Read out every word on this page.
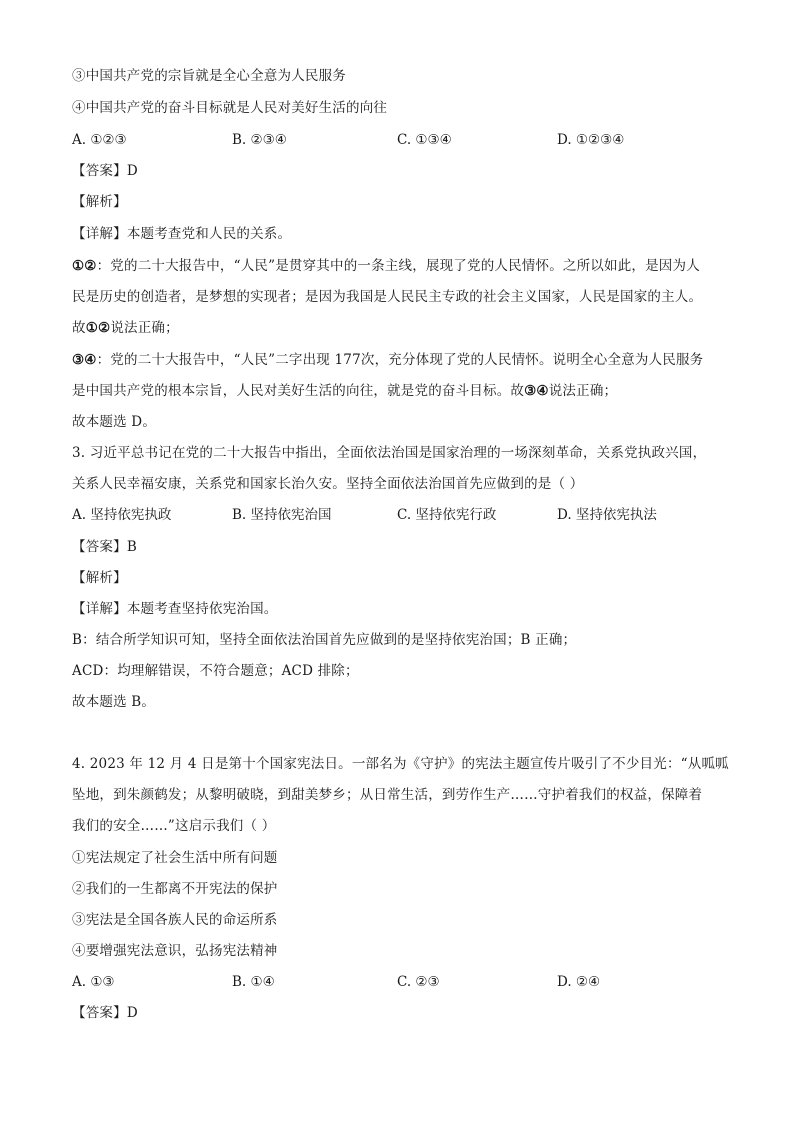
③中国共产党的宗旨就是全心全意为人民服务
④中国共产党的奋斗目标就是人民对美好生活的向往
A. ①②③	B. ②③④	C. ①③④	D. ①②③④
【答案】D
【解析】
【详解】本题考查党和人民的关系。
①②：党的二十大报告中，“人民”是贯穿其中的一条主线，展现了党的人民情怀。之所以如此，是因为人
民是历史的创造者，是梦想的实现者；是因为我国是人民民主专政的社会主义国家，人民是国家的主人。
故①②说法正确；
③④：党的二十大报告中，“人民”二字出现 177次，充分体现了党的人民情怀。说明全心全意为人民服务
是中国共产党的根本宗旨，人民对美好生活的向往，就是党的奋斗目标。故③④说法正确；
故本题选 D。
3. 习近平总书记在党的二十大报告中指出，全面依法治国是国家治理的一场深刻革命，关系党执政兴国，
关系人民幸福安康，关系党和国家长治久安。坚持全面依法治国首先应做到的是（ ）
A. 坚持依宪执政	B. 坚持依宪治国	C. 坚持依宪行政	D. 坚持依宪执法
【答案】B
【解析】
【详解】本题考查坚持依宪治国。
B：结合所学知识可知，坚持全面依法治国首先应做到的是坚持依宪治国；B 正确；
ACD：均理解错误，不符合题意；ACD 排除；
故本题选 B。
4. 2023 年 12 月 4 日是第十个国家宪法日。一部名为《守护》的宪法主题宣传片吸引了不少目光：“从呱呱
坠地，到朱颜鹤发；从黎明破晓，到甜美梦乡；从日常生活，到劳作生产……守护着我们的权益，保障着
我们的安全……”这启示我们（ ）
①宪法规定了社会生活中所有问题
②我们的一生都离不开宪法的保护
③宪法是全国各族人民的命运所系
④要增强宪法意识，弘扬宪法精神
A. ①③	B. ①④	C. ②③	D. ②④
【答案】D
